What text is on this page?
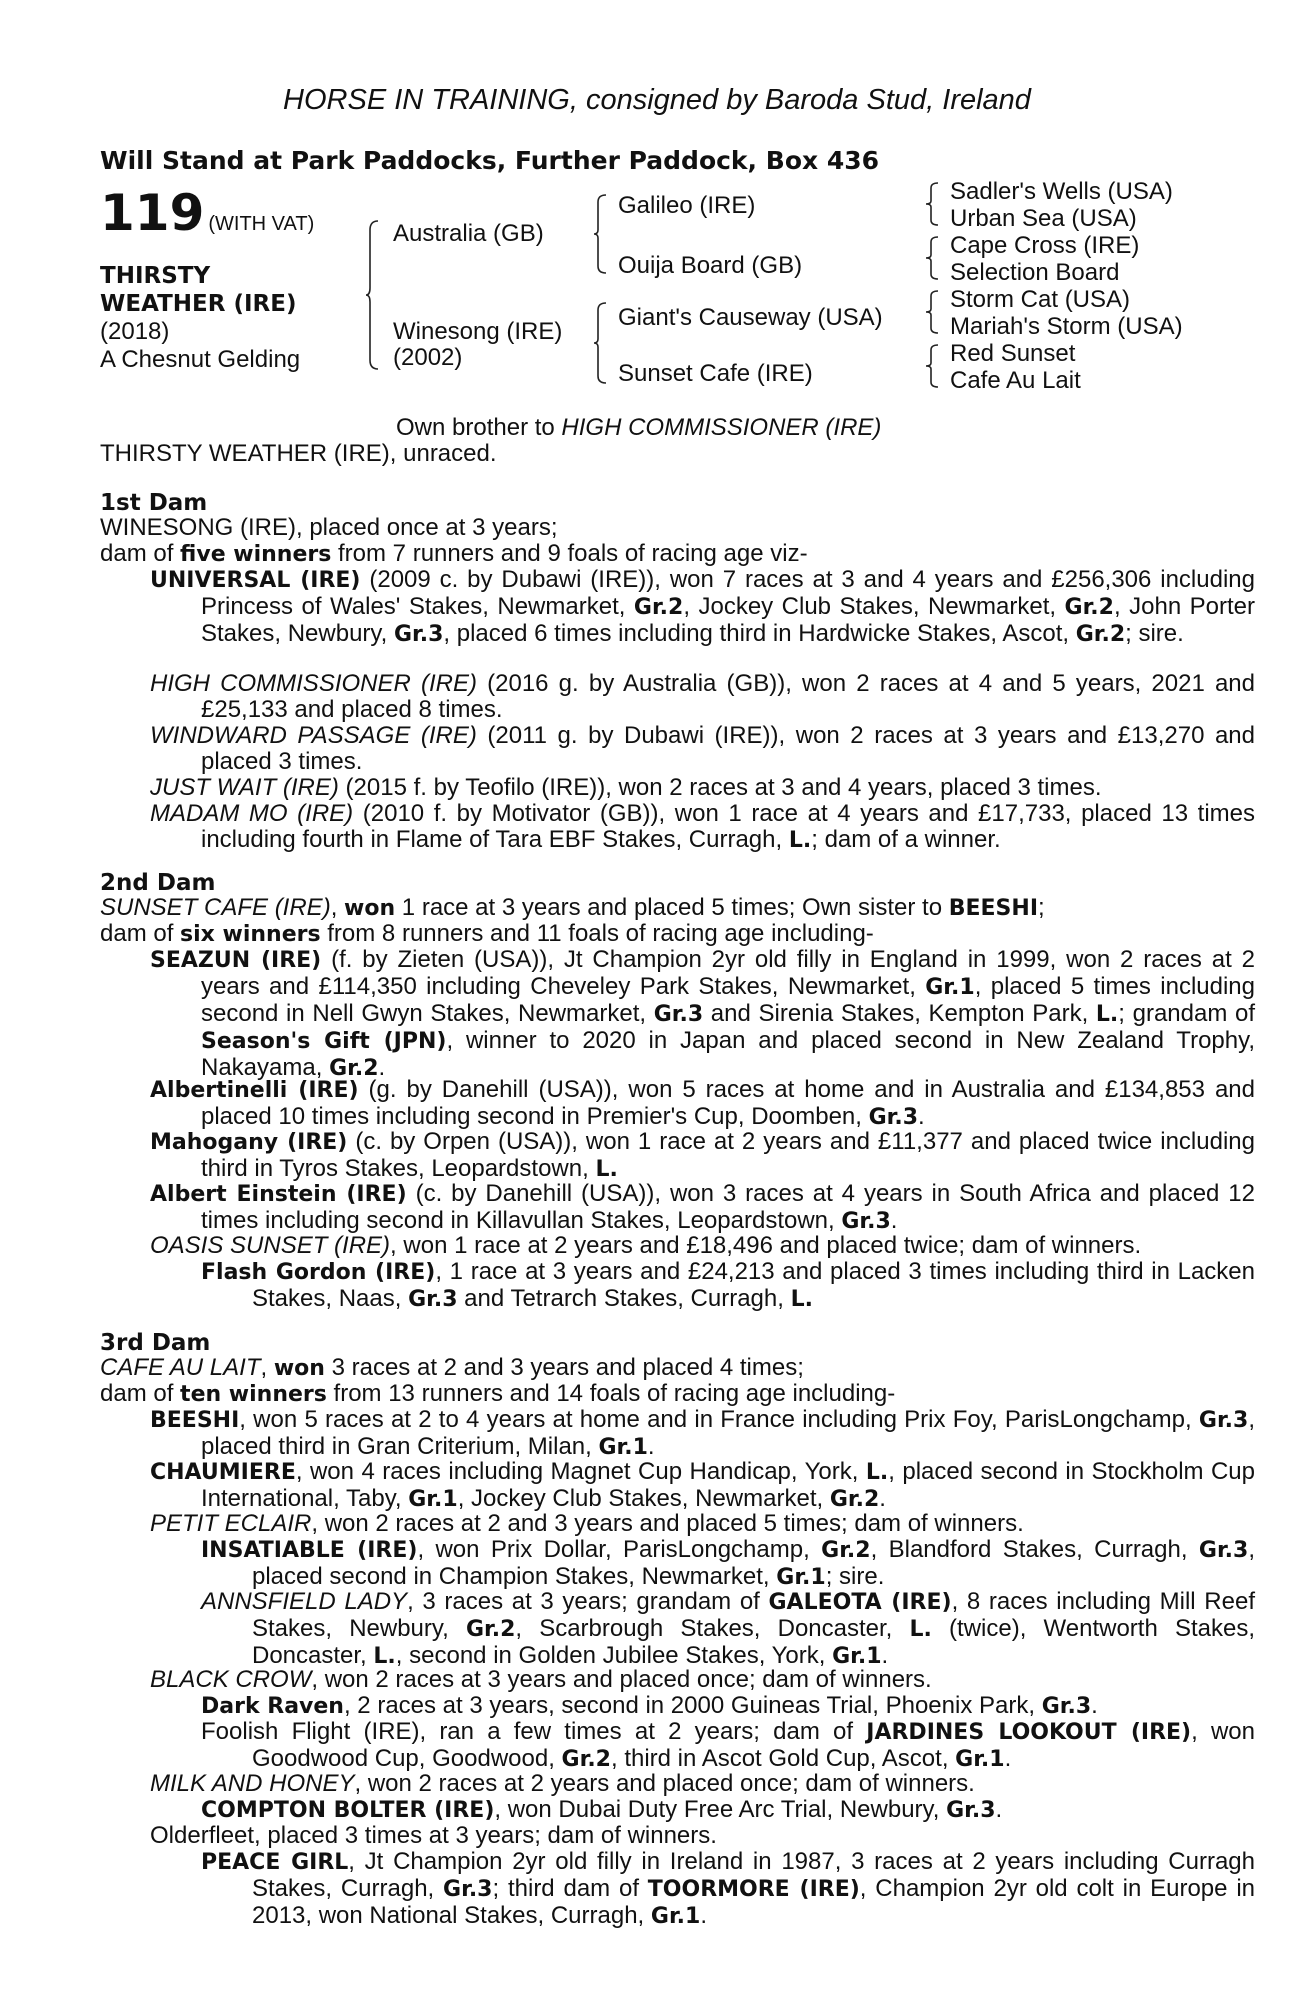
HORSE IN TRAINING, consigned by Baroda Stud, Ireland
Will Stand at Park Paddocks, Further Paddock, Box 436
119 (WITH VAT)
THIRSTY
WEATHER (IRE)
(2018)
A Chesnut Gelding
Australia (GB)
Winesong (IRE)
(2002)
Galileo (IRE)
Ouija Board (GB)
Giant's Causeway (USA)
Sunset Cafe (IRE)
Sadler's Wells (USA)
Urban Sea (USA)
Cape Cross (IRE)
Selection Board
Storm Cat (USA)
Mariah's Storm (USA)
Red Sunset
Cafe Au Lait
Own brother to HIGH COMMISSIONER (IRE)
THIRSTY WEATHER (IRE), unraced.
1st Dam
WINESONG (IRE), placed once at 3 years;
dam of five winners from 7 runners and 9 foals of racing age viz-
UNIVERSAL (IRE) (2009 c. by Dubawi (IRE)), won 7 races at 3 and 4 years and £256,306 including Princess of Wales' Stakes, Newmarket, Gr.2, Jockey Club Stakes, Newmarket, Gr.2, John Porter Stakes, Newbury, Gr.3, placed 6 times including third in Hardwicke Stakes, Ascot, Gr.2; sire.
HIGH COMMISSIONER (IRE) (2016 g. by Australia (GB)), won 2 races at 4 and 5 years, 2021 and £25,133 and placed 8 times.
WINDWARD PASSAGE (IRE) (2011 g. by Dubawi (IRE)), won 2 races at 3 years and £13,270 and placed 3 times.
JUST WAIT (IRE) (2015 f. by Teofilo (IRE)), won 2 races at 3 and 4 years, placed 3 times.
MADAM MO (IRE) (2010 f. by Motivator (GB)), won 1 race at 4 years and £17,733, placed 13 times including fourth in Flame of Tara EBF Stakes, Curragh, L.; dam of a winner.
2nd Dam
SUNSET CAFE (IRE), won 1 race at 3 years and placed 5 times; Own sister to BEESHI;
dam of six winners from 8 runners and 11 foals of racing age including-
SEAZUN (IRE) (f. by Zieten (USA)), Jt Champion 2yr old filly in England in 1999, won 2 races at 2 years and £114,350 including Cheveley Park Stakes, Newmarket, Gr.1, placed 5 times including second in Nell Gwyn Stakes, Newmarket, Gr.3 and Sirenia Stakes, Kempton Park, L.; grandam of Season's Gift (JPN), winner to 2020 in Japan and placed second in New Zealand Trophy, Nakayama, Gr.2.
Albertinelli (IRE) (g. by Danehill (USA)), won 5 races at home and in Australia and £134,853 and placed 10 times including second in Premier's Cup, Doomben, Gr.3.
Mahogany (IRE) (c. by Orpen (USA)), won 1 race at 2 years and £11,377 and placed twice including third in Tyros Stakes, Leopardstown, L.
Albert Einstein (IRE) (c. by Danehill (USA)), won 3 races at 4 years in South Africa and placed 12 times including second in Killavullan Stakes, Leopardstown, Gr.3.
OASIS SUNSET (IRE), won 1 race at 2 years and £18,496 and placed twice; dam of winners.
Flash Gordon (IRE), 1 race at 3 years and £24,213 and placed 3 times including third in Lacken Stakes, Naas, Gr.3 and Tetrarch Stakes, Curragh, L.
3rd Dam
CAFE AU LAIT, won 3 races at 2 and 3 years and placed 4 times;
dam of ten winners from 13 runners and 14 foals of racing age including-
BEESHI, won 5 races at 2 to 4 years at home and in France including Prix Foy, ParisLongchamp, Gr.3, placed third in Gran Criterium, Milan, Gr.1.
CHAUMIERE, won 4 races including Magnet Cup Handicap, York, L., placed second in Stockholm Cup International, Taby, Gr.1, Jockey Club Stakes, Newmarket, Gr.2.
PETIT ECLAIR, won 2 races at 2 and 3 years and placed 5 times; dam of winners.
INSATIABLE (IRE), won Prix Dollar, ParisLongchamp, Gr.2, Blandford Stakes, Curragh, Gr.3, placed second in Champion Stakes, Newmarket, Gr.1; sire.
ANNSFIELD LADY, 3 races at 3 years; grandam of GALEOTA (IRE), 8 races including Mill Reef Stakes, Newbury, Gr.2, Scarbrough Stakes, Doncaster, L. (twice), Wentworth Stakes, Doncaster, L., second in Golden Jubilee Stakes, York, Gr.1.
BLACK CROW, won 2 races at 3 years and placed once; dam of winners.
Dark Raven, 2 races at 3 years, second in 2000 Guineas Trial, Phoenix Park, Gr.3.
Foolish Flight (IRE), ran a few times at 2 years; dam of JARDINES LOOKOUT (IRE), won Goodwood Cup, Goodwood, Gr.2, third in Ascot Gold Cup, Ascot, Gr.1.
MILK AND HONEY, won 2 races at 2 years and placed once; dam of winners.
COMPTON BOLTER (IRE), won Dubai Duty Free Arc Trial, Newbury, Gr.3.
Olderfleet, placed 3 times at 3 years; dam of winners.
PEACE GIRL, Jt Champion 2yr old filly in Ireland in 1987, 3 races at 2 years including Curragh Stakes, Curragh, Gr.3; third dam of TOORMORE (IRE), Champion 2yr old colt in Europe in 2013, won National Stakes, Curragh, Gr.1.
